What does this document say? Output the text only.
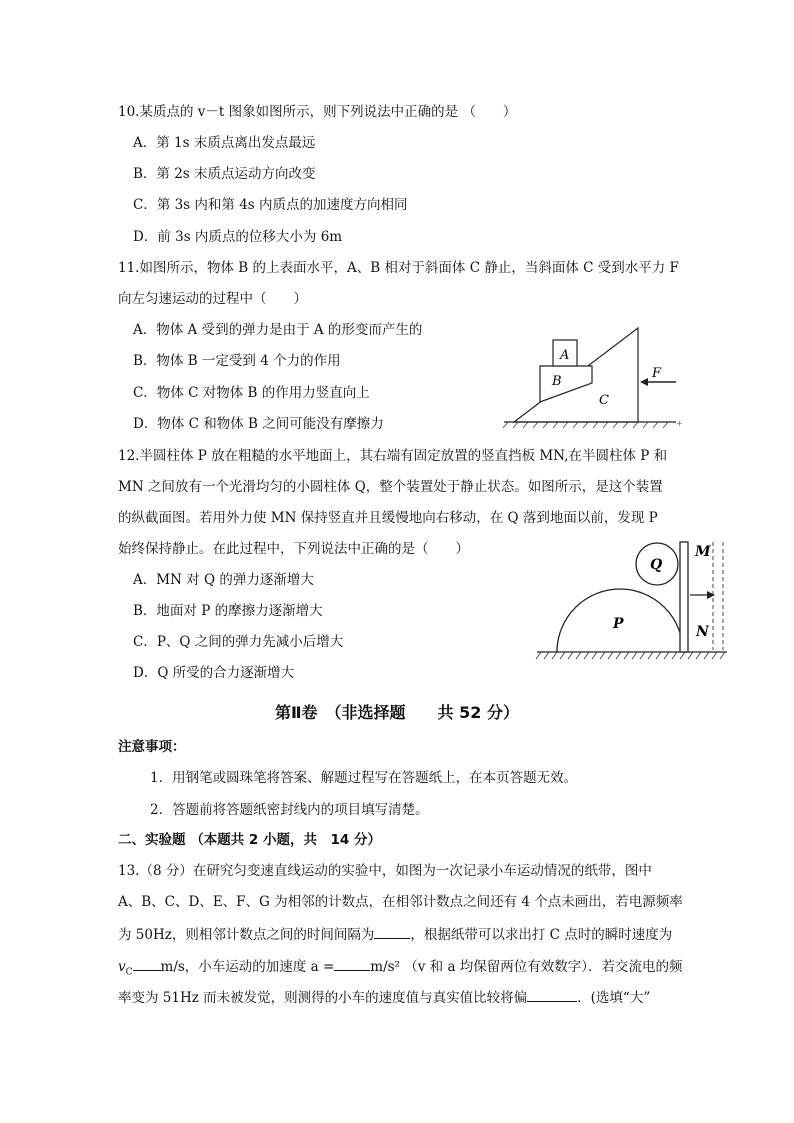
10.某质点的 v－t 图象如图所示，则下列说法中正确的是 （　　）
A．第 1s 末质点离出发点最远
B．第 2s 末质点运动方向改变
C．第 3s 内和第 4s 内质点的加速度方向相同
D．前 3s 内质点的位移大小为 6m
11.如图所示，物体 B 的上表面水平，A、B 相对于斜面体 C 静止，当斜面体 C 受到水平力 F
向左匀速运动的过程中（　　）
A．物体 A 受到的弹力是由于 A 的形变而产生的
B．物体 B 一定受到 4 个力的作用
C．物体 C 对物体 B 的作用力竖直向上
D．物体 C 和物体 B 之间可能没有摩擦力
A
B
C
F
+
12.半圆柱体 P 放在粗糙的水平地面上，其右端有固定放置的竖直挡板 MN,在半圆柱体 P 和
MN 之间放有一个光滑均匀的小圆柱体 Q，整个装置处于静止状态。如图所示，是这个装置
的纵截面图。若用外力使 MN 保持竖直并且缓慢地向右移动，在 Q 落到地面以前，发现 P
始终保持静止。在此过程中，下列说法中正确的是（　　）
A．MN 对 Q 的弹力逐渐增大
B．地面对 P 的摩擦力逐渐增大
C．P、Q 之间的弹力先减小后增大
D．Q 所受的合力逐渐增大
Q
P
M
N
第Ⅱ卷　（非选择题　　共 52 分）
注意事项：
1．用钢笔或圆珠笔将答案、解题过程写在答题纸上，在本页答题无效。
2．答题前将答题纸密封线内的项目填写清楚。
二、实验题 （本题共 2 小题，共　14 分）
13.（8 分）在研究匀变速直线运动的实验中，如图为一次记录小车运动情况的纸带，图中
A、B、C、D、E、F、G 为相邻的计数点，在相邻计数点之间还有 4 个点未画出，若电源频率
为 50Hz，则相邻计数点之间的时间间隔为	，根据纸带可以求出打 C 点时的瞬时速度为
$v_C$ m/s，小车运动的加速度 a =	m/s² （v 和 a 均保留两位有效数字）．若交流电的频
率变为 51Hz 而未被发觉，则测得的小车的速度值与真实值比较将偏	．(选填“大”
